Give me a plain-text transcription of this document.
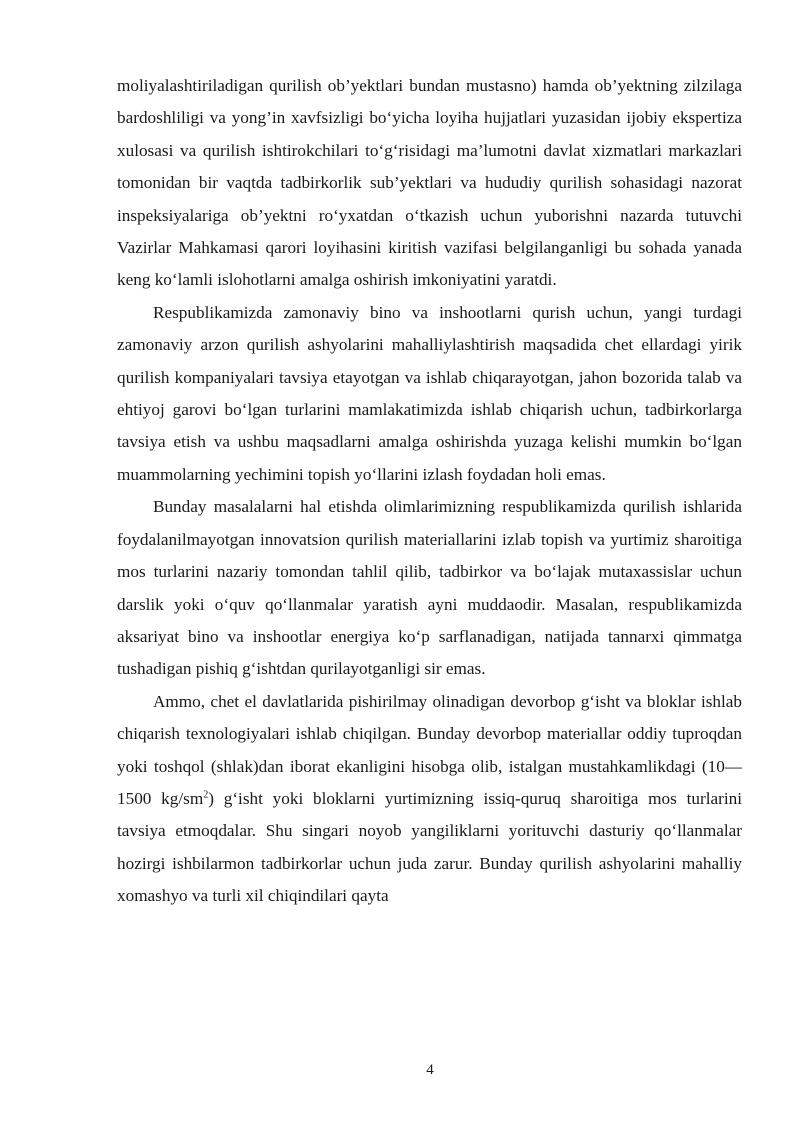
moliyalashtiriladigan qurilish ob’yektlari bundan mustasno) hamda ob’yektning zilzilaga bardoshliligi va yong’in xavfsizligi bo‘yicha loyiha hujjatlari yuzasidan ijobiy ekspertiza xulosasi va qurilish ishtirokchilari to‘g‘risidagi ma’lumotni davlat xizmatlari markazlari tomonidan bir vaqtda tadbirkorlik sub’yektlari va hududiy qurilish sohasidagi nazorat inspeksiyalariga ob’yektni ro‘yxatdan o‘tkazish uchun yuborishni nazarda tutuvchi Vazirlar Mahkamasi qarori loyihasini kiritish vazifasi belgilanganligi bu sohada yanada keng ko‘lamli islohotlarni amalga oshirish imkoniyatini yaratdi.

Respublikamizda zamonaviy bino va inshootlarni qurish uchun, yangi turdagi zamonaviy arzon qurilish ashyolarini mahalliylashtirish maqsadida chet ellardagi yirik qurilish kompaniyalari tavsiya etayotgan va ishlab chiqarayotgan, jahon bozorida talab va ehtiyoj garovi bo‘lgan turlarini mamlakatimizda ishlab chiqarish uchun, tadbirkorlarga tavsiya etish va ushbu maqsadlarni amalga oshirishda yuzaga kelishi mumkin bo‘lgan muammolarning yechimini topish yo‘llarini izlash foydadan holi emas.

Bunday masalalarni hal etishda olimlarimizning respublikamizda qurilish ishlarida foydalanilmayotgan innovatsion qurilish materiallarini izlab topish va yurtimiz sharoitiga mos turlarini nazariy tomondan tahlil qilib, tadbirkor va bo‘lajak mutaxassislar uchun darslik yoki o‘quv qo‘llanmalar yaratish ayni muddaodir. Masalan, respublikamizda aksariyat bino va inshootlar energiya ko‘p sarflanadigan, natijada tannarxi qimmatga tushadigan pishiq g‘ishtdan qurilayotganligi sir emas.

Ammo, chet el davlatlarida pishirilmay olinadigan devorbop g‘isht va bloklar ishlab chiqarish texnologiyalari ishlab chiqilgan. Bunday devorbop materiallar oddiy tuproqdan yoki toshqol (shlak)dan iborat ekanligini hisobga olib, istalgan mustahkamlikdagi (10—1500 $kg/sm^2$) g‘isht yoki bloklarni yurtimizning issiq-quruq sharoitiga mos turlarini tavsiya etmoqdalar. Shu singari noyob yangiliklarni yorituvchi dasturiy qo‘llanmalar hozirgi ishbilarmon tadbirkorlar uchun juda zarur. Bunday qurilish ashyolarini mahalliy xomashyo va turli xil chiqindilari qayta

4
